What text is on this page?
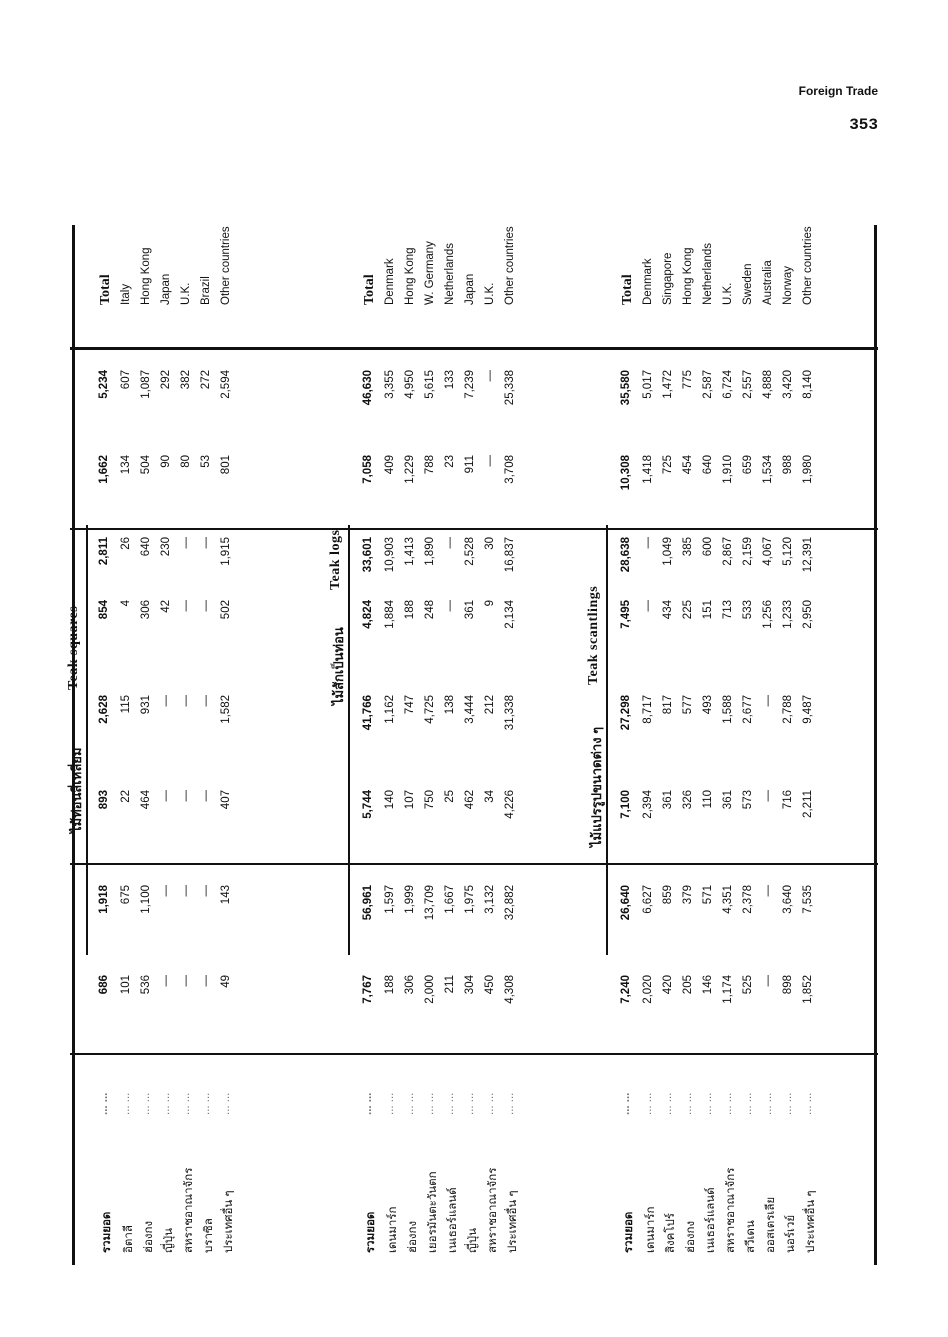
Foreign Trade
353
ไม้ท่อนสี่เหลี่ยม
Teak squares
รวมยอด
... ...
686
1,918
893
2,628
854
2,811
1,662
5,234
Total
อิตาลี
... ...
101
675
22
115
4
26
134
607
Italy
ฮ่องกง
... ...
536
1,100
464
931
306
640
504
1,087
Hong Kong
ญี่ปุ่น
... ...
—
—
—
—
42
230
90
292
Japan
สหราชอาณาจักร
... ...
—
—
—
—
—
—
80
382
U.K.
บราซิล
... ...
—
—
—
—
—
—
53
272
Brazil
ประเทศอื่น ๆ
... ...
49
143
407
1,582
502
1,915
801
2,594
Other countries
ไม้สักเป็นท่อน
Teak logs
รวมยอด
... ...
7,767
56,961
5,744
41,766
4,824
33,601
7,058
46,630
Total
เดนมาร์ก
... ...
188
1,597
140
1,162
1,884
10,903
409
3,355
Denmark
ฮ่องกง
... ...
306
1,999
107
747
188
1,413
1,229
4,950
Hong Kong
เยอรมันตะวันตก
... ...
2,000
13,709
750
4,725
248
1,890
788
5,615
W. Germany
เนเธอร์แลนด์
... ...
211
1,667
25
138
—
—
23
133
Netherlands
ญี่ปุ่น
... ...
304
1,975
462
3,444
361
2,528
911
7,239
Japan
สหราชอาณาจักร
... ...
450
3,132
34
212
9
30
—
—
U.K.
ประเทศอื่น ๆ
... ...
4,308
32,882
4,226
31,338
2,134
16,837
3,708
25,338
Other countries
ไม้แปรรูปขนาดต่าง ๆ
Teak scantlings
รวมยอด
... ...
7,240
26,640
7,100
27,298
7,495
28,638
10,308
35,580
Total
เดนมาร์ก
... ...
2,020
6,627
2,394
8,717
—
—
1,418
5,017
Denmark
สิงคโปร์
... ...
420
859
361
817
434
1,049
725
1,472
Singapore
ฮ่องกง
... ...
205
379
326
577
225
385
454
775
Hong Kong
เนเธอร์แลนด์
... ...
146
571
110
493
151
600
640
2,587
Netherlands
สหราชอาณาจักร
... ...
1,174
4,351
361
1,588
713
2,867
1,910
6,724
U.K.
สวีเดน
... ...
525
2,378
573
2,677
533
2,159
659
2,557
Sweden
ออสเตรเลีย
... ...
—
—
—
—
1,256
4,067
1,534
4,888
Australia
นอร์เวย์
... ...
898
3,640
716
2,788
1,233
5,120
988
3,420
Norway
ประเทศอื่น ๆ
... ...
1,852
7,535
2,211
9,487
2,950
12,391
1,980
8,140
Other countries
